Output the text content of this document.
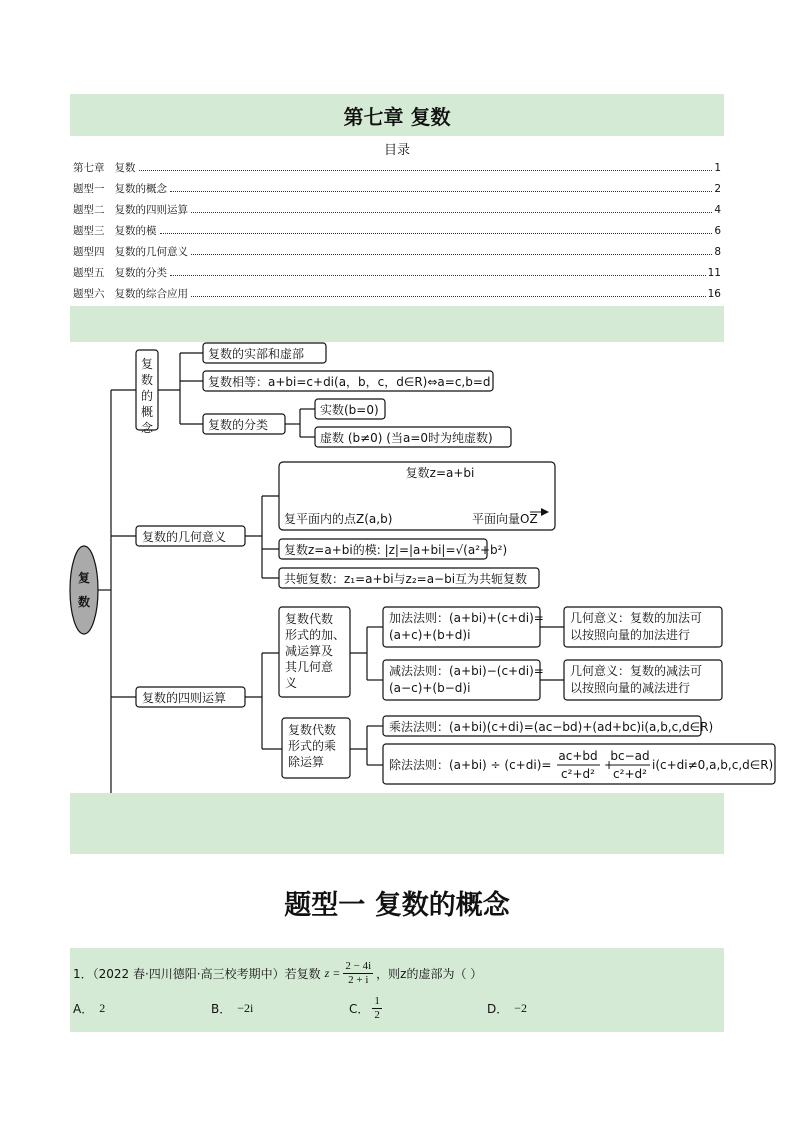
第七章 复数
目录
第七章   复数	1
题型一   复数的概念	2
题型二   复数的四则运算	4
题型三   复数的模	6
题型四   复数的几何意义	8
题型五   复数的分类	11
题型六   复数的综合应用	16
复
数
复数的概念
复数的实部和虚部
复数相等：a+bi=c+di(a，b，c，d∈R)⇔a=c,b=d
复数的分类
实数(b=0)
虚数 (b≠0) (当a=0时为纯虚数)
复数的几何意义
复数z=a+bi
复平面内的点Z(a,b)	平面向量OZ
复数z=a+bi的模: |z|=|a+bi|=√(a²+b²)
共轭复数：z₁=a+bi与z₂=a−bi互为共轭复数
复数的四则运算
复数代数形式的加、减运算及其几何意义
加法法则：(a+bi)+(c+di)= (a+c)+(b+d)i
几何意义：复数的加法可以按照向量的加法进行
减法法则：(a+bi)−(c+di)= (a−c)+(b−d)i
几何意义：复数的减法可以按照向量的减法进行
复数代数形式的乘除运算
乘法法则：(a+bi)(c+di)=(ac−bd)+(ad+bc)i(a,b,c,d∈R)
除法法则：(a+bi) ÷ (c+di)=
ac+bd
c²+d²
+
bc−ad
c²+d²
i(c+di≠0,a,b,c,d∈R)
题型一 复数的概念
1．（2022 春·四川德阳·高三校考期中）若复数 $z = \frac{2 - 4i}{2 + i}$ ，则z的虚部为（ ）
A． 2	B． −2i	C． $\frac{1}{2}$	D． −2
